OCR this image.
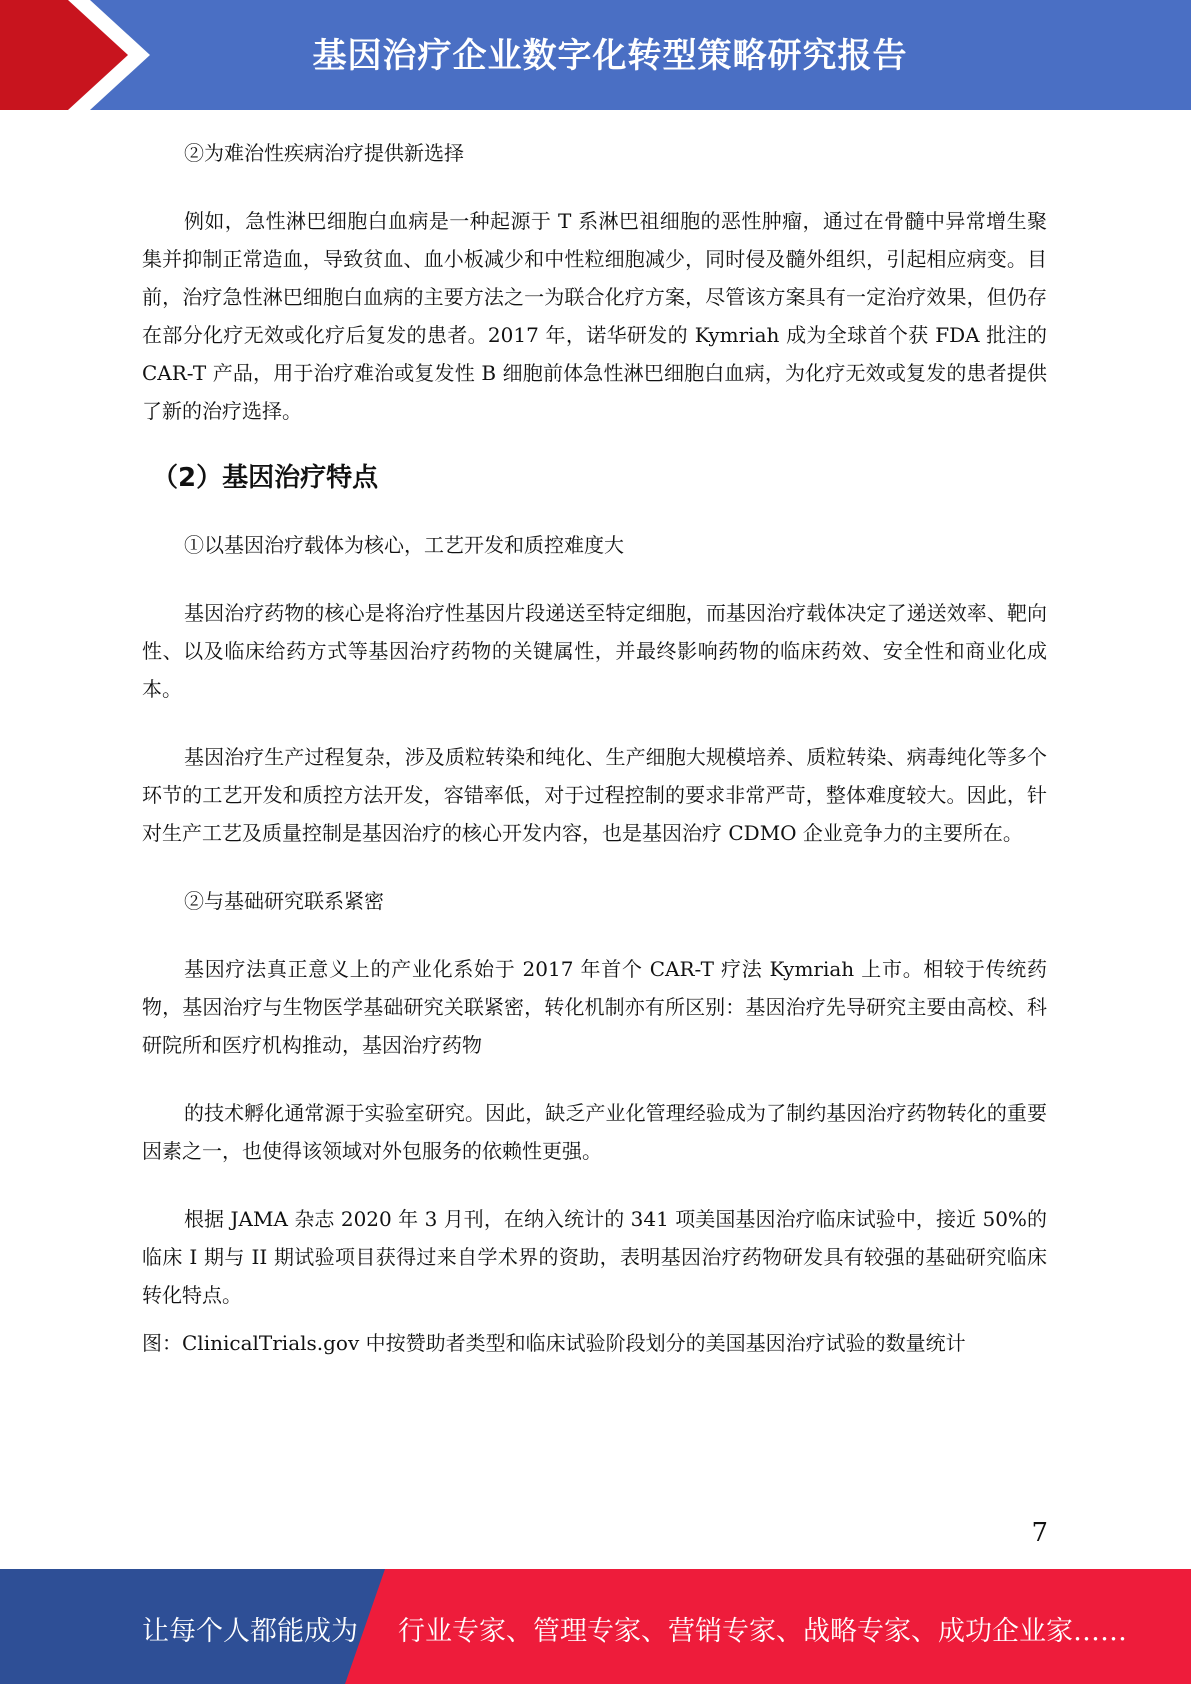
基因治疗企业数字化转型策略研究报告

②为难治性疾病治疗提供新选择

例如，急性淋巴细胞白血病是一种起源于 T 系淋巴祖细胞的恶性肿瘤，通过在骨髓中异常增生聚集并抑制正常造血，导致贫血、血小板减少和中性粒细胞减少，同时侵及髓外组织，引起相应病变。目前，治疗急性淋巴细胞白血病的主要方法之一为联合化疗方案，尽管该方案具有一定治疗效果，但仍存在部分化疗无效或化疗后复发的患者。2017 年，诺华研发的 Kymriah 成为全球首个获 FDA 批注的 CAR-T 产品，用于治疗难治或复发性 B 细胞前体急性淋巴细胞白血病，为化疗无效或复发的患者提供了新的治疗选择。

（2）基因治疗特点

①以基因治疗载体为核心，工艺开发和质控难度大

基因治疗药物的核心是将治疗性基因片段递送至特定细胞，而基因治疗载体决定了递送效率、靶向性、以及临床给药方式等基因治疗药物的关键属性，并最终影响药物的临床药效、安全性和商业化成本。

基因治疗生产过程复杂，涉及质粒转染和纯化、生产细胞大规模培养、质粒转染、病毒纯化等多个环节的工艺开发和质控方法开发，容错率低，对于过程控制的要求非常严苛，整体难度较大。因此，针对生产工艺及质量控制是基因治疗的核心开发内容，也是基因治疗 CDMO 企业竞争力的主要所在。

②与基础研究联系紧密

基因疗法真正意义上的产业化系始于 2017 年首个 CAR-T 疗法 Kymriah 上市。相较于传统药物，基因治疗与生物医学基础研究关联紧密，转化机制亦有所区别：基因治疗先导研究主要由高校、科研院所和医疗机构推动，基因治疗药物

的技术孵化通常源于实验室研究。因此，缺乏产业化管理经验成为了制约基因治疗药物转化的重要因素之一，也使得该领域对外包服务的依赖性更强。

根据 JAMA 杂志 2020 年 3 月刊，在纳入统计的 341 项美国基因治疗临床试验中，接近 50%的临床 I 期与 II 期试验项目获得过来自学术界的资助，表明基因治疗药物研发具有较强的基础研究临床转化特点。

图：ClinicalTrials.gov 中按赞助者类型和临床试验阶段划分的美国基因治疗试验的数量统计

7
让每个人都能成为 行业专家、管理专家、营销专家、战略专家、成功企业家……
